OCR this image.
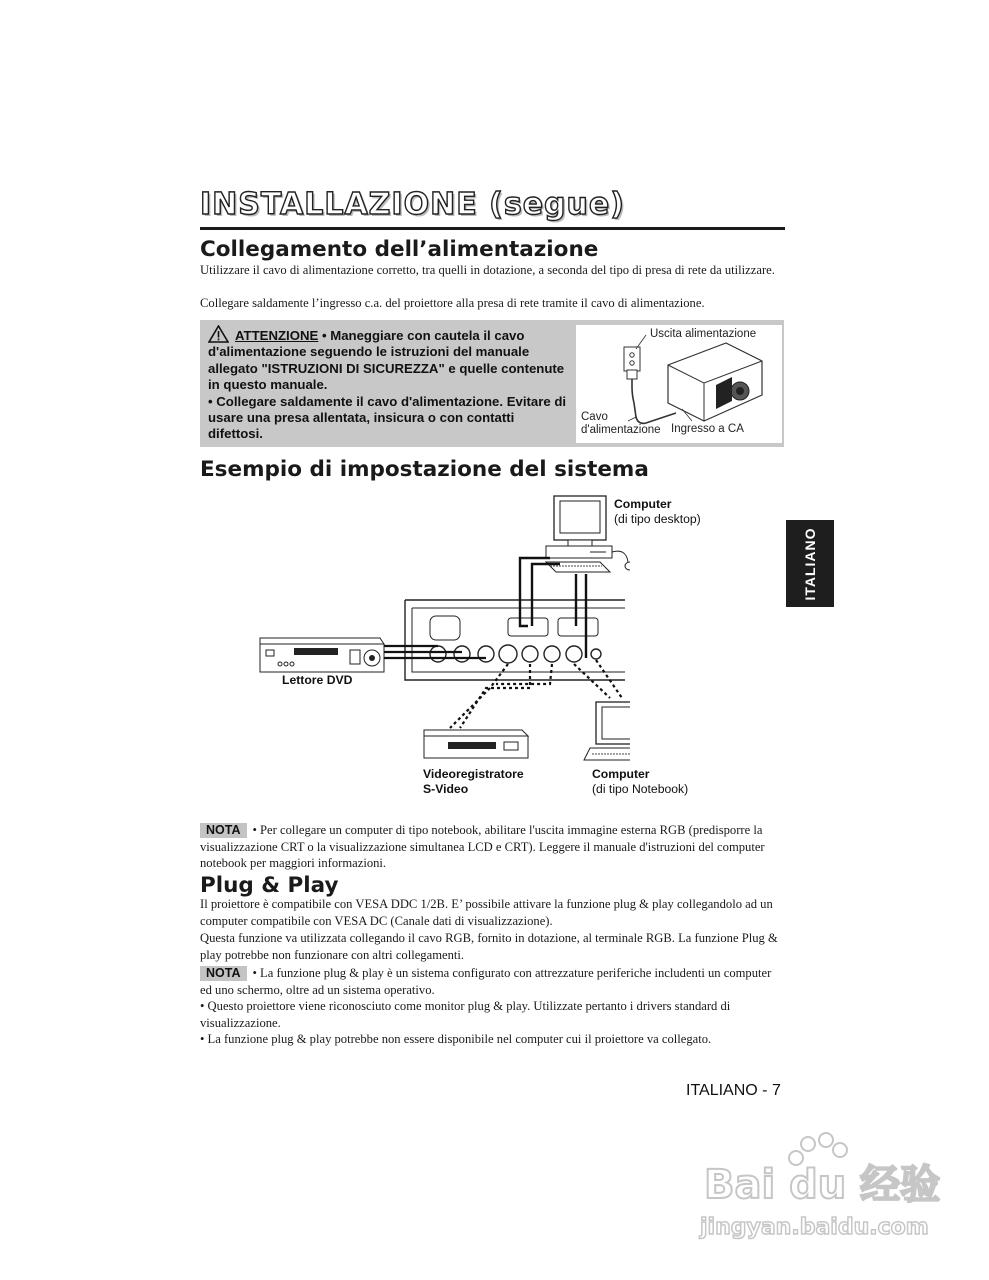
INSTALLAZIONE (segue)
Collegamento dell’alimentazione
Utilizzare il cavo di alimentazione corretto, tra quelli in dotazione, a seconda del tipo di presa di rete da utilizzare.
Collegare saldamente l’ingresso c.a. del proiettore alla presa di rete tramite il cavo di alimentazione.
ATTENZIONE • Maneggiare con cautela il cavo d'alimentazione seguendo le istruzioni del manuale allegato "ISTRUZIONI DI SICUREZZA" e quelle contenute in questo manuale.
• Collegare saldamente il cavo d'alimentazione. Evitare di usare una presa allentata, insicura o con contatti difettosi.
Uscita alimentazione
Cavo
d'alimentazione Ingresso a CA
Esempio di impostazione del sistema
Computer
(di tipo desktop)
Lettore DVD
Videoregistratore
S-Video
Computer
(di tipo Notebook)
NOTA • Per collegare un computer di tipo notebook, abilitare l'uscita immagine esterna RGB (predisporre la visualizzazione CRT o la visualizzazione simultanea LCD e CRT). Leggere il manuale d'istruzioni del computer notebook per maggiori informazioni.
Plug & Play
Il proiettore è compatibile con VESA DDC 1/2B. E’ possibile attivare la funzione plug & play collegandolo ad un computer compatibile con VESA DC (Canale dati di visualizzazione).
Questa funzione va utilizzata collegando il cavo RGB, fornito in dotazione, al terminale RGB. La funzione Plug & play potrebbe non funzionare con altri collegamenti.
NOTA • La funzione plug & play è un sistema configurato con attrezzature periferiche includenti un computer ed uno schermo, oltre ad un sistema operativo.
• Questo proiettore viene riconosciuto come monitor plug & play. Utilizzate pertanto i drivers standard di visualizzazione.
• La funzione plug & play potrebbe non essere disponibile nel computer cui il proiettore va collegato.
ITALIANO
ITALIANO - 7
Bai du 经验
jingyan.baidu.com
